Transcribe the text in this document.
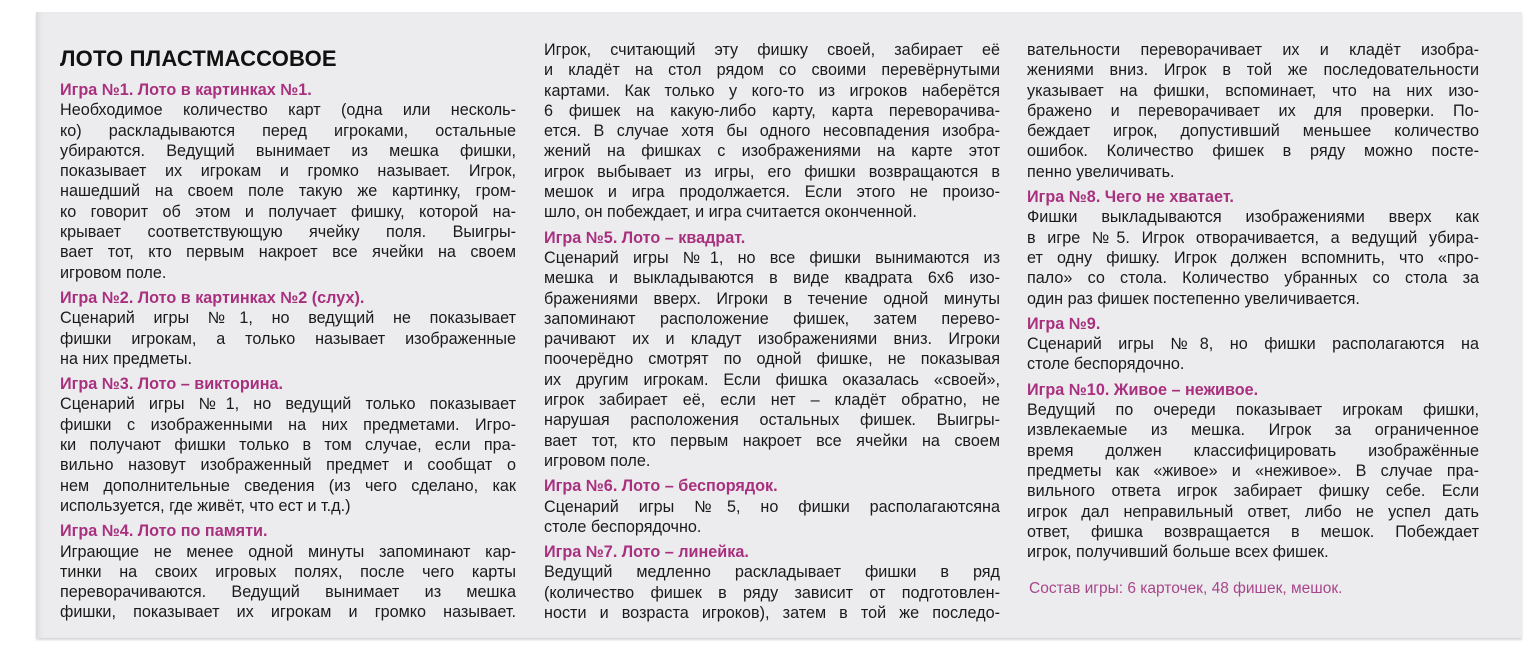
ЛОТО ПЛАСТМАССОВОЕ
Игра №1. Лото в картинках №1.
Необходимое количество карт (одна или несколь-
ко) раскладываются перед игроками, остальные
убираются. Ведущий вынимает из мешка фишки,
показывает их игрокам и громко называет. Игрок,
нашедший на своем поле такую же картинку, гром-
ко говорит об этом и получает фишку, которой на-
крывает соответствующую ячейку поля. Выигры-
вает тот, кто первым накроет все ячейки на своем
игровом поле.
Игра №2. Лото в картинках №2 (слух).
Сценарий игры №1, но ведущий не показывает
фишки игрокам, а только называет изображенные
на них предметы.
Игра №3. Лото – викторина.
Сценарий игры №1, но ведущий только показывает
фишки с изображенными на них предметами. Игро-
ки получают фишки только в том случае, если пра-
вильно назовут изображенный предмет и сообщат о
нем дополнительные сведения (из чего сделано, как
используется, где живёт, что ест и т.д.)
Игра №4. Лото по памяти.
Играющие не менее одной минуты запоминают кар-
тинки на своих игровых полях, после чего карты
переворачиваются. Ведущий вынимает из мешка
фишки, показывает их игрокам и громко называет.
Игрок, считающий эту фишку своей, забирает её
и кладёт на стол рядом со своими перевёрнутыми
картами. Как только у кого-то из игроков наберётся
6 фишек на какую-либо карту, карта переворачива-
ется. В случае хотя бы одного несовпадения изобра-
жений на фишках с изображениями на карте этот
игрок выбывает из игры, его фишки возвращаются в
мешок и игра продолжается. Если этого не произо-
шло, он побеждает, и игра считается оконченной.
Игра №5. Лото – квадрат.
Сценарий игры №1, но все фишки вынимаются из
мешка и выкладываются в виде квадрата 6х6 изо-
бражениями вверх. Игроки в течение одной минуты
запоминают расположение фишек, затем перево-
рачивают их и кладут изображениями вниз. Игроки
поочерёдно смотрят по одной фишке, не показывая
их другим игрокам. Если фишка оказалась «своей»,
игрок забирает её, если нет – кладёт обратно, не
нарушая расположения остальных фишек. Выигры-
вает тот, кто первым накроет все ячейки на своем
игровом поле.
Игра №6. Лото – беспорядок.
Сценарий игры №5, но фишки располагаютсяна
столе беспорядочно.
Игра №7. Лото – линейка.
Ведущий медленно раскладывает фишки в ряд
(количество фишек в ряду зависит от подготовлен-
ности и возраста игроков), затем в той же последо-
вательности переворачивает их и кладёт изобра-
жениями вниз. Игрок в той же последовательности
указывает на фишки, вспоминает, что на них изо-
бражено и переворачивает их для проверки. По-
беждает игрок, допустивший меньшее количество
ошибок. Количество фишек в ряду можно посте-
пенно увеличивать.
Игра №8. Чего не хватает.
Фишки выкладываются изображениями вверх как
в игре №5. Игрок отворачивается, а ведущий убира-
ет одну фишку. Игрок должен вспомнить, что «про-
пало» со стола. Количество убранных со стола за
один раз фишек постепенно увеличивается.
Игра №9.
Сценарий игры №8, но фишки располагаются на
столе беспорядочно.
Игра №10. Живое – неживое.
Ведущий по очереди показывает игрокам фишки,
извлекаемые из мешка. Игрок за ограниченное
время должен классифицировать изображённые
предметы как «живое» и «неживое». В случае пра-
вильного ответа игрок забирает фишку себе. Если
игрок дал неправильный ответ, либо не успел дать
ответ, фишка возвращается в мешок. Побеждает
игрок, получивший больше всех фишек.
Состав игры: 6 карточек, 48 фишек, мешок.
